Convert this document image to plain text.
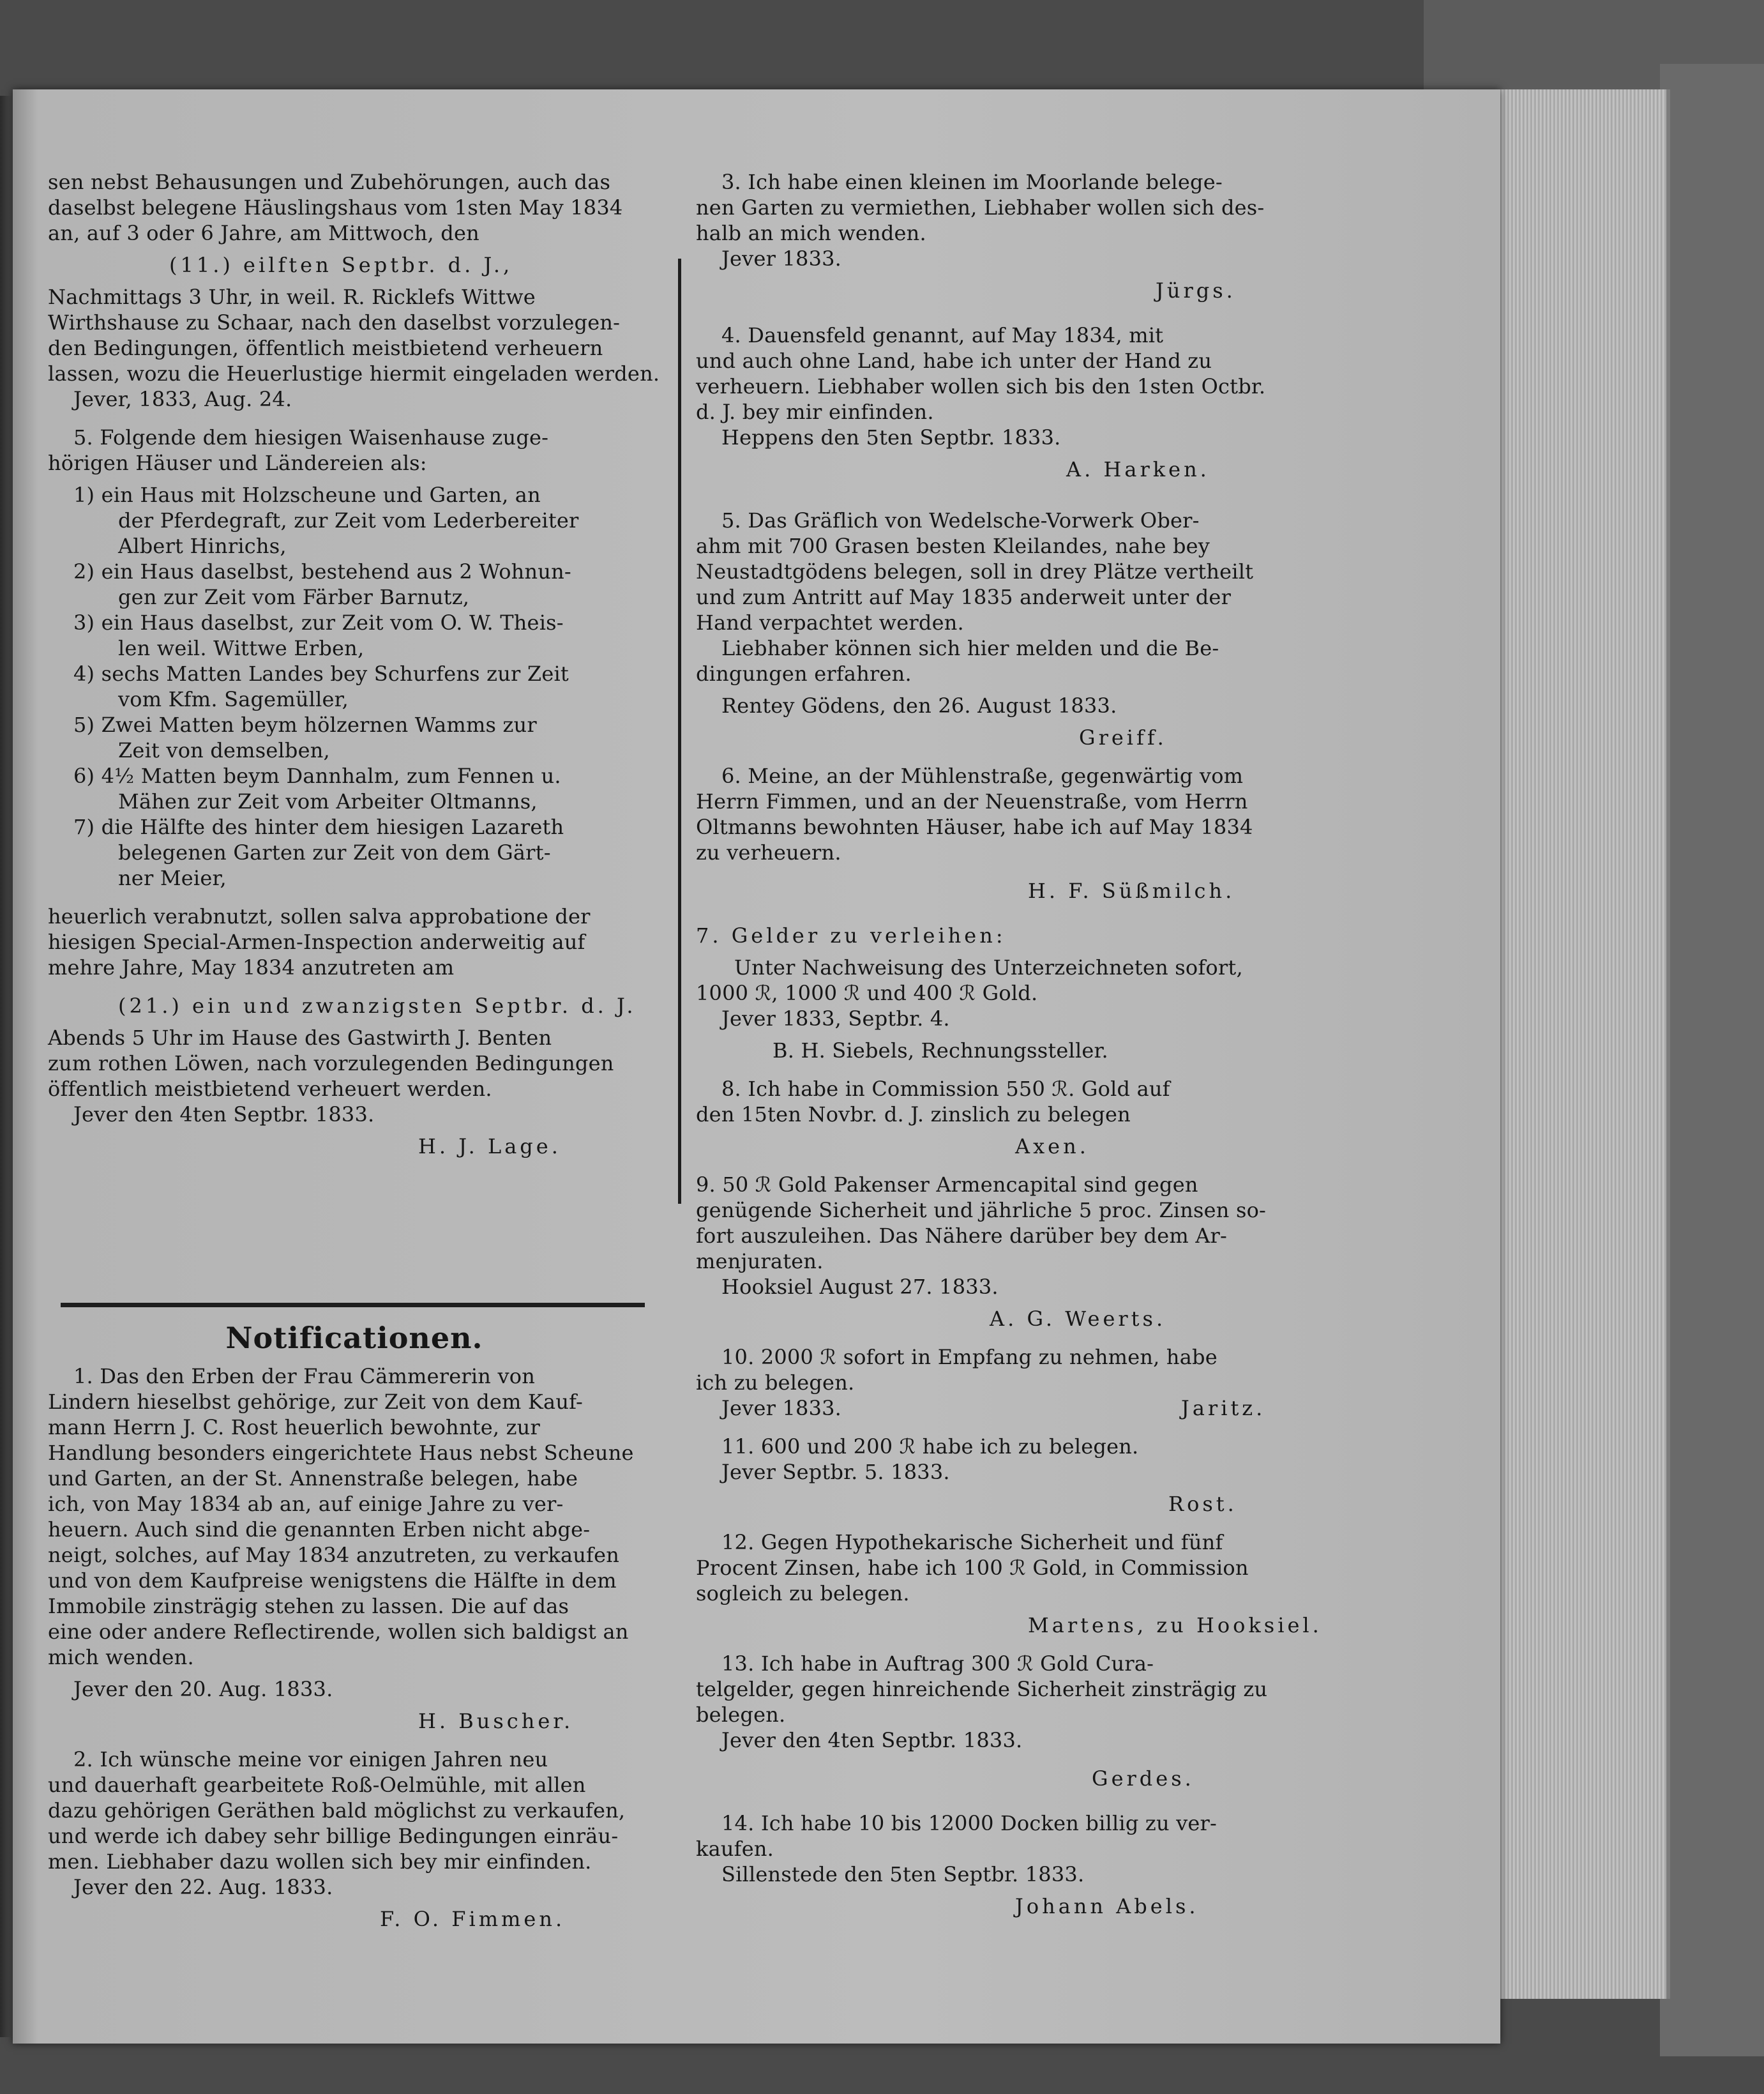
sen nebst Behausungen und Zubehörungen, auch das
daselbst belegene Häuslingshaus vom 1sten May 1834
an, auf 3 oder 6 Jahre, am Mittwoch, den
(11.) eilften Septbr. d. J.,
Nachmittags 3 Uhr, in weil. R. Ricklefs Wittwe
Wirthshause zu Schaar, nach den daselbst vorzulegen-
den Bedingungen, öffentlich meistbietend verheuern
lassen, wozu die Heuerlustige hiermit eingeladen werden.
Jever, 1833, Aug. 24.
5. Folgende dem hiesigen Waisenhause zuge-
hörigen Häuser und Ländereien als:
1) ein Haus mit Holzscheune und Garten, an
der Pferdegraft, zur Zeit vom Lederbereiter
Albert Hinrichs,
2) ein Haus daselbst, bestehend aus 2 Wohnun-
gen zur Zeit vom Färber Barnutz,
3) ein Haus daselbst, zur Zeit vom O. W. Theis-
len weil. Wittwe Erben,
4) sechs Matten Landes bey Schurfens zur Zeit
vom Kfm. Sagemüller,
5) Zwei Matten beym hölzernen Wamms zur
Zeit von demselben,
6) 4½ Matten beym Dannhalm, zum Fennen u.
Mähen zur Zeit vom Arbeiter Oltmanns,
7) die Hälfte des hinter dem hiesigen Lazareth
belegenen Garten zur Zeit von dem Gärt-
ner Meier,
heuerlich verabnutzt, sollen salva approbatione der
hiesigen Special-Armen-Inspection anderweitig auf
mehre Jahre, May 1834 anzutreten am
(21.) ein und zwanzigsten Septbr. d. J.
Abends 5 Uhr im Hause des Gastwirth J. Benten
zum rothen Löwen, nach vorzulegenden Bedingungen
öffentlich meistbietend verheuert werden.
Jever den 4ten Septbr. 1833.
H. J. Lage.
Notificationen.
1. Das den Erben der Frau Cämmererin von
Lindern hieselbst gehörige, zur Zeit von dem Kauf-
mann Herrn J. C. Rost heuerlich bewohnte, zur
Handlung besonders eingerichtete Haus nebst Scheune
und Garten, an der St. Annenstraße belegen, habe
ich, von May 1834 ab an, auf einige Jahre zu ver-
heuern. Auch sind die genannten Erben nicht abge-
neigt, solches, auf May 1834 anzutreten, zu verkaufen
und von dem Kaufpreise wenigstens die Hälfte in dem
Immobile zinsträgig stehen zu lassen. Die auf das
eine oder andere Reflectirende, wollen sich baldigst an
mich wenden.
Jever den 20. Aug. 1833.
H. Buscher.
2. Ich wünsche meine vor einigen Jahren neu
und dauerhaft gearbeitete Roß-Oelmühle, mit allen
dazu gehörigen Geräthen bald möglichst zu verkaufen,
und werde ich dabey sehr billige Bedingungen einräu-
men. Liebhaber dazu wollen sich bey mir einfinden.
Jever den 22. Aug. 1833.
F. O. Fimmen.
3. Ich habe einen kleinen im Moorlande belege-
nen Garten zu vermiethen, Liebhaber wollen sich des-
halb an mich wenden.
Jever 1833.
Jürgs.
4. Dauensfeld genannt, auf May 1834, mit
und auch ohne Land, habe ich unter der Hand zu
verheuern. Liebhaber wollen sich bis den 1sten Octbr.
d. J. bey mir einfinden.
Heppens den 5ten Septbr. 1833.
A. Harken.
5. Das Gräflich von Wedelsche-Vorwerk Ober-
ahm mit 700 Grasen besten Kleilandes, nahe bey
Neustadtgödens belegen, soll in drey Plätze vertheilt
und zum Antritt auf May 1835 anderweit unter der
Hand verpachtet werden.
Liebhaber können sich hier melden und die Be-
dingungen erfahren.
Rentey Gödens, den 26. August 1833.
Greiff.
6. Meine, an der Mühlenstraße, gegenwärtig vom
Herrn Fimmen, und an der Neuenstraße, vom Herrn
Oltmanns bewohnten Häuser, habe ich auf May 1834
zu verheuern.
H. F. Süßmilch.
7. Gelder zu verleihen:
Unter Nachweisung des Unterzeichneten sofort,
1000 ℛ, 1000 ℛ und 400 ℛ Gold.
Jever 1833, Septbr. 4.
B. H. Siebels, Rechnungssteller.
8. Ich habe in Commission 550 ℛ. Gold auf
den 15ten Novbr. d. J. zinslich zu belegen
Axen.
9. 50 ℛ Gold Pakenser Armencapital sind gegen
genügende Sicherheit und jährliche 5 proc. Zinsen so-
fort auszuleihen. Das Nähere darüber bey dem Ar-
menjuraten.
Hooksiel August 27. 1833.
A. G. Weerts.
10. 2000 ℛ sofort in Empfang zu nehmen, habe
ich zu belegen.
Jever 1833.	Jaritz.
11. 600 und 200 ℛ habe ich zu belegen.
Jever Septbr. 5. 1833.
Rost.
12. Gegen Hypothekarische Sicherheit und fünf
Procent Zinsen, habe ich 100 ℛ Gold, in Commission
sogleich zu belegen.
Martens, zu Hooksiel.
13. Ich habe in Auftrag 300 ℛ Gold Cura-
telgelder, gegen hinreichende Sicherheit zinsträgig zu
belegen.
Jever den 4ten Septbr. 1833.
Gerdes.
14. Ich habe 10 bis 12000 Docken billig zu ver-
kaufen.
Sillenstede den 5ten Septbr. 1833.
Johann Abels.
